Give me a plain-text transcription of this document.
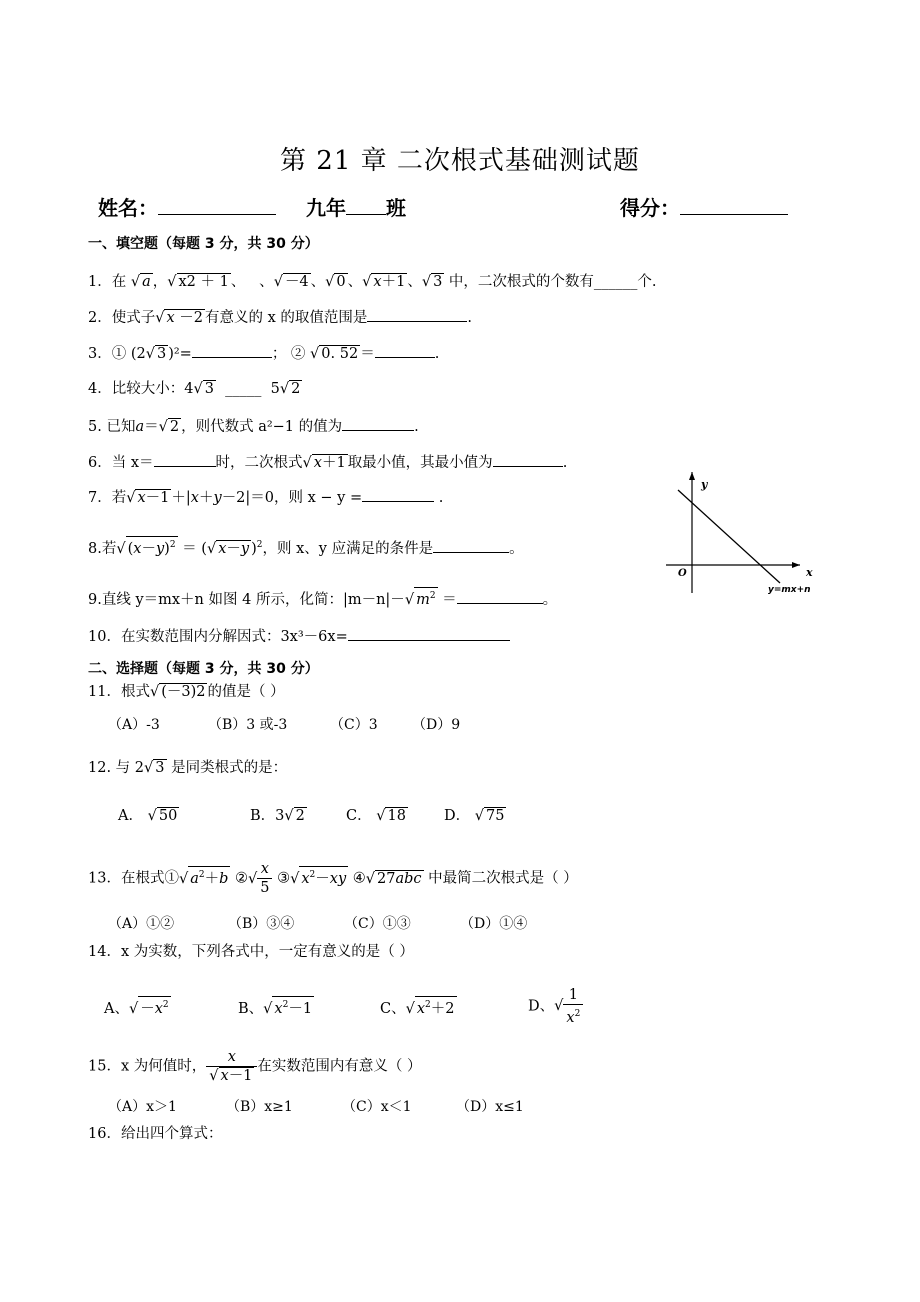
第 21 章 二次根式基础测试题
姓名：	九年 班	得分：
一、填空题（每题 3 分，共 30 分）
1．在 √ a ， √ x2 ＋ 1 、   、 √ －4 、 √ 0 、 √ x＋1 、 √ 3 中，二次根式的个数有______个.
2．使式子 √ x －2 有意义的 x 的取值范围是	.
3．① (2 √ 3 )²=	； ② √ 0. 52 ＝	.
4．比较大小：4 √ 3 _____ 5 √ 2
5. 已知a＝ √ 2 ，则代数式 a²−1 的值为	.
6．当 x＝	时，二次根式 √ x＋1 取最小值，其最小值为	.
7．若 √ x－1 ＋|x＋y－2|＝0，则 x − y =	.
8.若 √ $(x-y)^2$ ＝ ( √ x－y )$^2$，则 x、y 应满足的条件是	。
9.直线 y＝mx＋n 如图 4 所示，化简：|m－n|－ √ $m^2$ ＝	。
10．在实数范围内分解因式：3x³－6x=
y
x
O
y=mx+n
二、选择题（每题 3 分，共 30 分）
11．根式 √ (－3)2 的值是（ ）
（A）-3	（B）3 或-3	（C）3 （D）9
12. 与 2 √ 3 是同类根式的是：
A． √ 50	B．3 √ 2	C． √ 18	D． √ 75
13．在根式① √ $a^2+b$ ②√ $\frac{x}{5}$ ③ √ $x^2-xy$ ④ √ 27abc 中最简二次根式是（ ）
（A）①②	（B）③④	（C）①③	（D）①④
14．x 为实数，下列各式中，一定有意义的是（ ）
A、 √ $-x^2$	B、 √ $x^2-1$	C、 √ $x^2+2$	D、√ $\frac{1}{x^2}$
15．x 为何值时， x
√ x－1 在实数范围内有意义（ ）
（A）x＞1	（B）x≥1	（C）x＜1	（D）x≤1
16．给出四个算式：
